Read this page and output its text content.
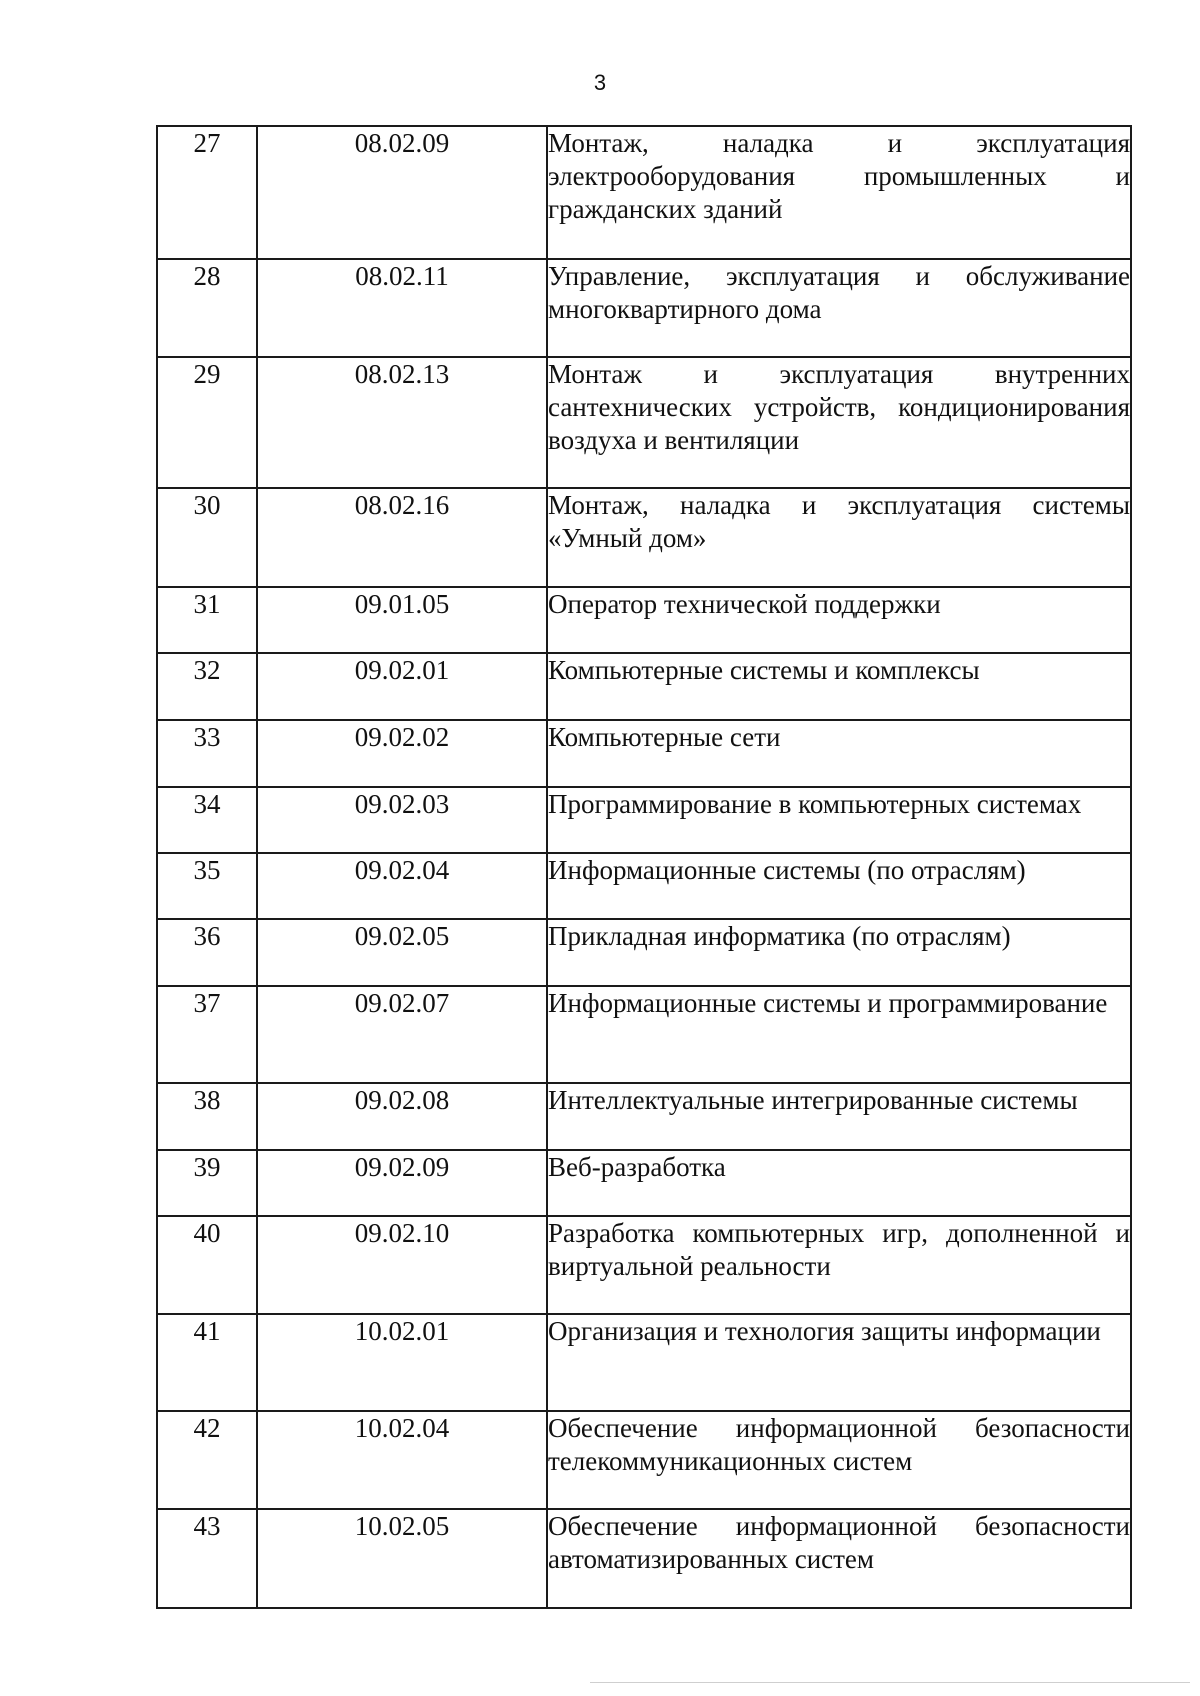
3
27	08.02.09	Монтаж, наладка и эксплуатация электрооборудования промышленных и гражданских зданий
28	08.02.11	Управление, эксплуатация и обслуживание многоквартирного дома
29	08.02.13	Монтаж и эксплуатация внутренних сантехнических устройств, кондиционирования воздуха и вентиляции
30	08.02.16	Монтаж, наладка и эксплуатация системы «Умный дом»
31	09.01.05	Оператор технической поддержки
32	09.02.01	Компьютерные системы и комплексы
33	09.02.02	Компьютерные сети
34	09.02.03	Программирование в компьютерных системах
35	09.02.04	Информационные системы (по отраслям)
36	09.02.05	Прикладная информатика (по отраслям)
37	09.02.07	Информационные системы и программирование
38	09.02.08	Интеллектуальные интегрированные системы
39	09.02.09	Веб-разработка
40	09.02.10	Разработка компьютерных игр, дополненной и виртуальной реальности
41	10.02.01	Организация и технология защиты информации
42	10.02.04	Обеспечение информационной безопасности телекоммуникационных систем
43	10.02.05	Обеспечение информационной безопасности автоматизированных систем
